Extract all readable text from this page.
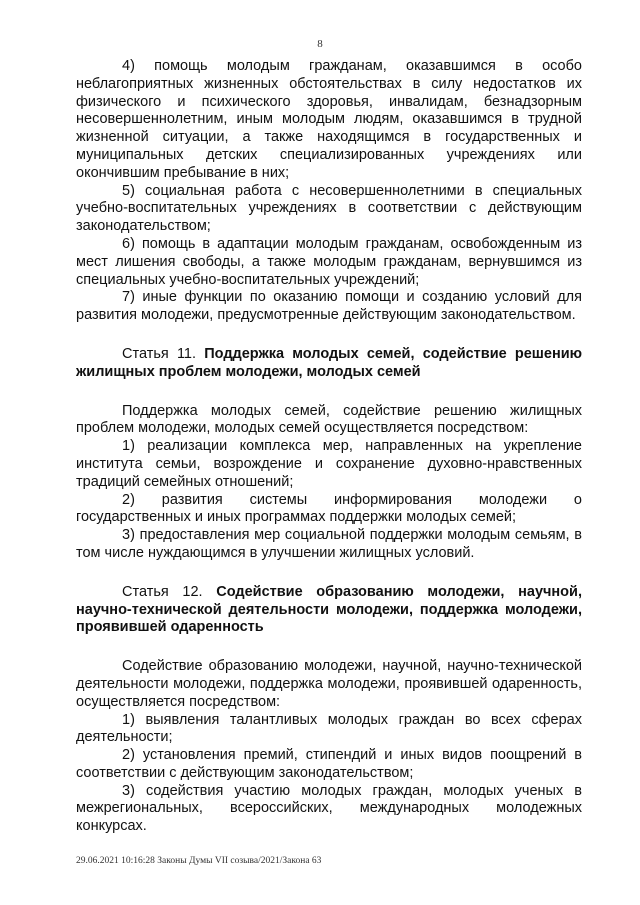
8

4) помощь молодым гражданам, оказавшимся в особо неблагоприятных жизненных обстоятельствах в силу недостатков их физического и психического здоровья, инвалидам, безнадзорным несовершеннолетним, иным молодым людям, оказавшимся в трудной жизненной ситуации, а также находящимся в государственных и муниципальных детских специализированных учреждениях или окончившим пребывание в них;

5) социальная работа с несовершеннолетними в специальных учебно-воспитательных учреждениях в соответствии с действующим законодательством;

6) помощь в адаптации молодым гражданам, освобожденным из мест лишения свободы, а также молодым гражданам, вернувшимся из специальных учебно-воспитательных учреждений;

7) иные функции по оказанию помощи и созданию условий для развития молодежи, предусмотренные действующим законодательством.

Статья 11. Поддержка молодых семей, содействие решению жилищных проблем молодежи, молодых семей

Поддержка молодых семей, содействие решению жилищных проблем молодежи, молодых семей осуществляется посредством:

1) реализации комплекса мер, направленных на укрепление института семьи, возрождение и сохранение духовно-нравственных традиций семейных отношений;

2) развития системы информирования молодежи о государственных и иных программах поддержки молодых семей;

3) предоставления мер социальной поддержки молодым семьям, в том числе нуждающимся в улучшении жилищных условий.

Статья 12. Содействие образованию молодежи, научной, научно-технической деятельности молодежи, поддержка молодежи, проявившей одаренность

Содействие образованию молодежи, научной, научно-технической деятельности молодежи, поддержка молодежи, проявившей одаренность, осуществляется посредством:

1) выявления талантливых молодых граждан во всех сферах деятельности;

2) установления премий, стипендий и иных видов поощрений в соответствии с действующим законодательством;

3) содействия участию молодых граждан, молодых ученых в межрегиональных, всероссийских, международных молодежных конкурсах.

29.06.2021 10:16:28 Законы Думы VII созыва/2021/Закона 63
